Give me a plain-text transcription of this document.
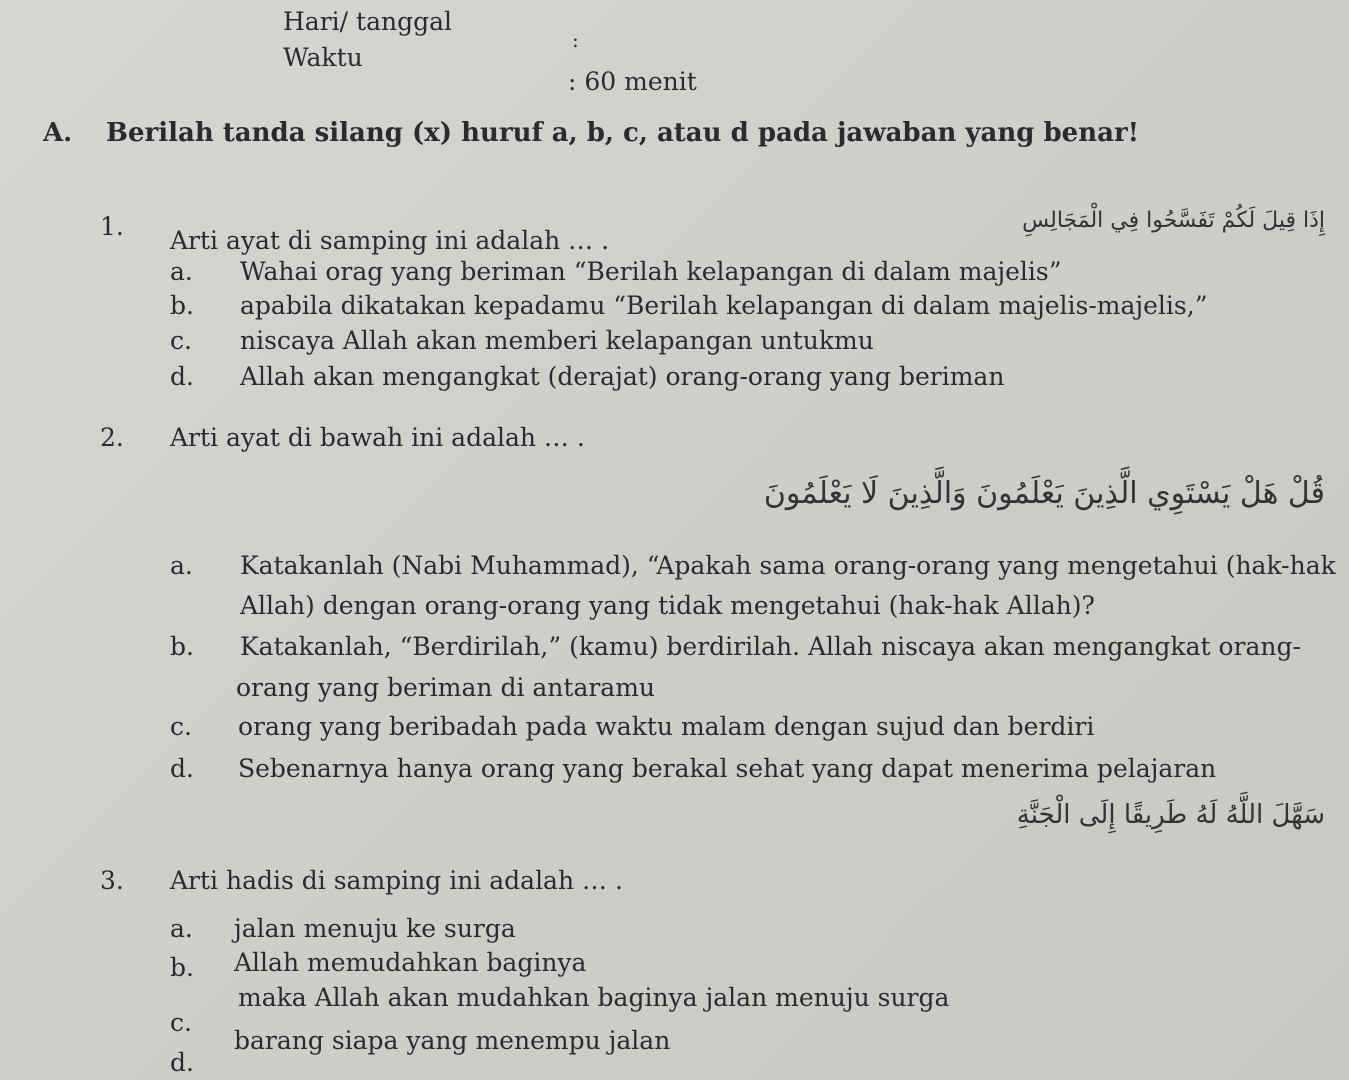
Hari/ tanggal
:
Waktu
: 60 menit
A. Berilah tanda silang (x) huruf a, b, c, atau d pada jawaban yang benar!
1. Arti ayat di samping ini adalah … .
إِذَا قِيلَ لَكُمْ تَفَسَّحُوا فِي الْمَجَالِسِ
a. Wahai orag yang beriman “Berilah kelapangan di dalam majelis”
b. apabila dikatakan kepadamu “Berilah kelapangan di dalam majelis-majelis,”
c. niscaya Allah akan memberi kelapangan untukmu
d. Allah akan mengangkat (derajat) orang-orang yang beriman
2. Arti ayat di bawah ini adalah … .
قُلْ هَلْ يَسْتَوِي الَّذِينَ يَعْلَمُونَ وَالَّذِينَ لَا يَعْلَمُونَ
a. Katakanlah (Nabi Muhammad), “Apakah sama orang-orang yang mengetahui (hak-hak
Allah) dengan orang-orang yang tidak mengetahui (hak-hak Allah)?
b. Katakanlah, “Berdirilah,” (kamu) berdirilah. Allah niscaya akan mengangkat orang-
orang yang beriman di antaramu
c. orang yang beribadah pada waktu malam dengan sujud dan berdiri
d. Sebenarnya hanya orang yang berakal sehat yang dapat menerima pelajaran
سَهَّلَ اللَّهُ لَهُ طَرِيقًا إِلَى الْجَنَّةِ
3. Arti hadis di samping ini adalah … .
a. jalan menuju ke surga
b. Allah memudahkan baginya
c.
maka Allah akan mudahkan baginya jalan menuju surga
d.
barang siapa yang menempu jalan
